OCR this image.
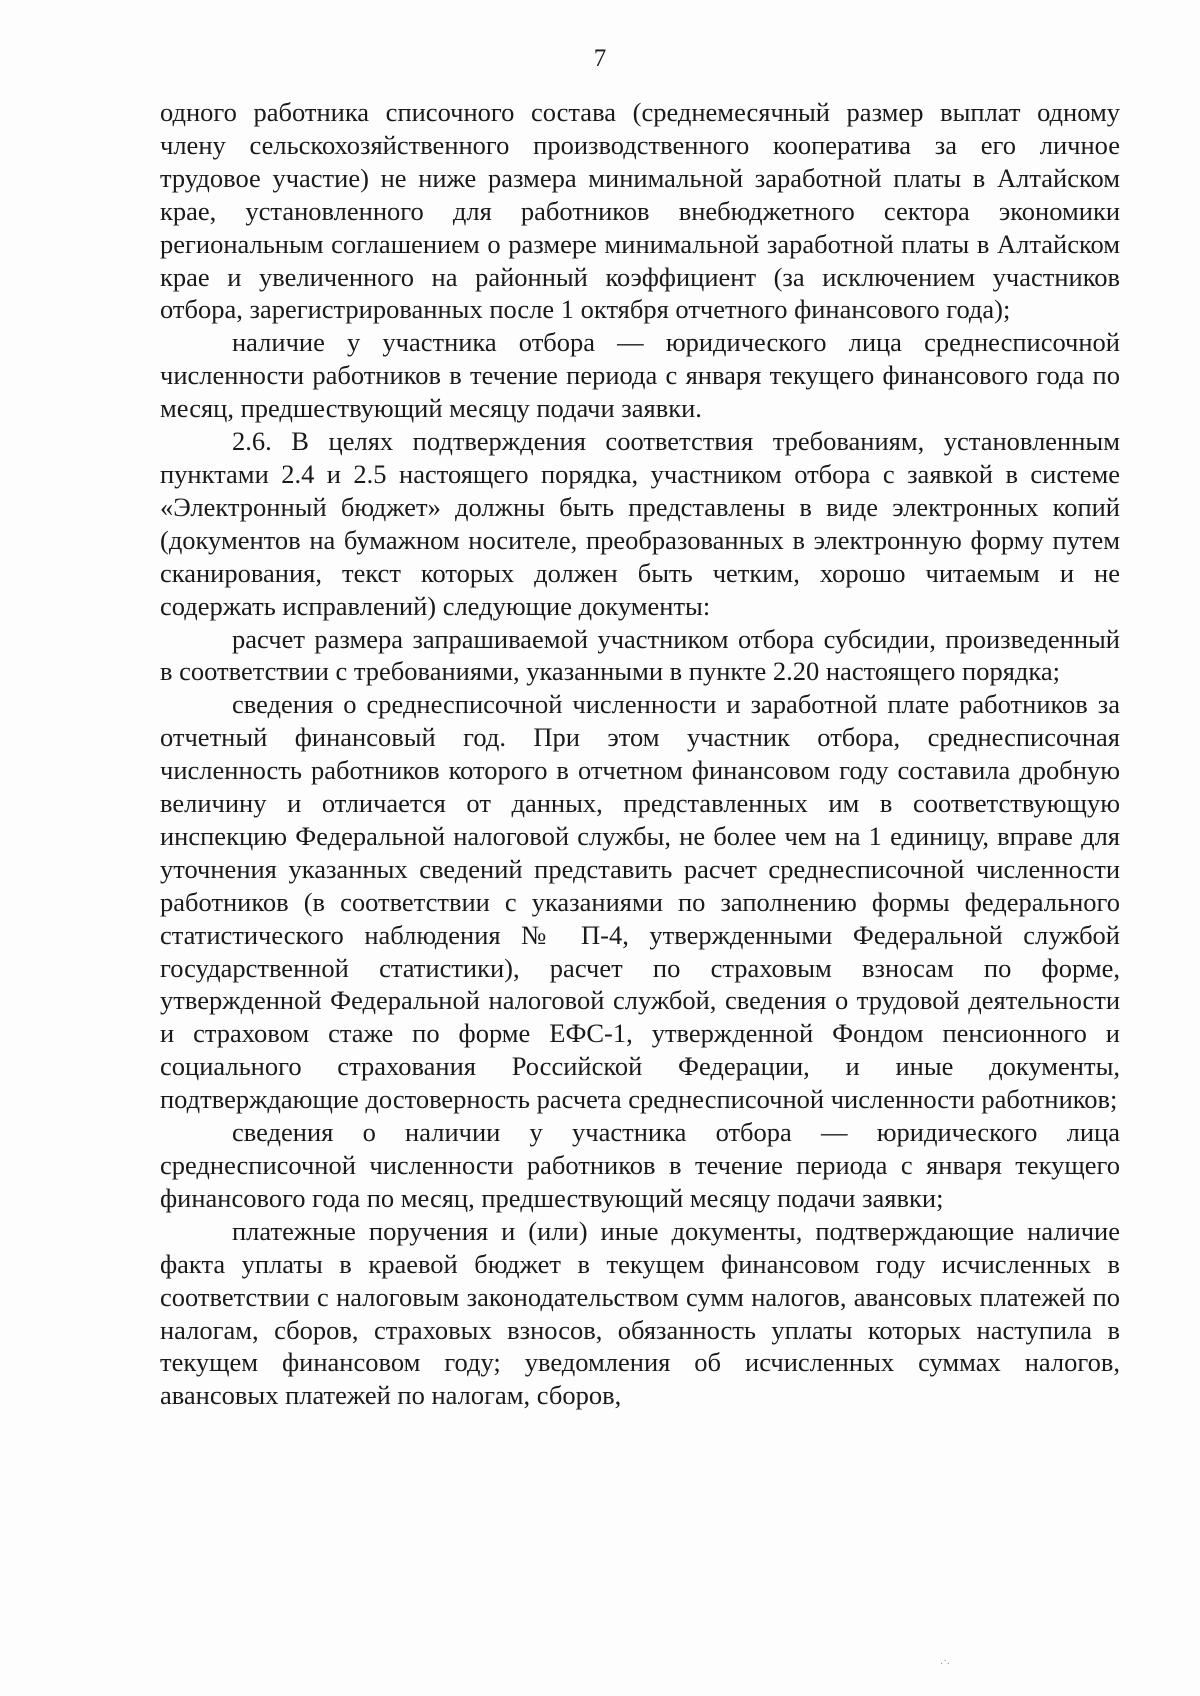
7

одного работника списочного состава (среднемесячный размер выплат одному члену сельскохозяйственного производственного кооператива за его личное трудовое участие) не ниже размера минимальной заработной платы в Алтайском крае, установленного для работников внебюджетного сектора экономики региональным соглашением о размере минимальной заработной платы в Алтайском крае и увеличенного на районный коэффициент (за исключением участников отбора, зарегистрированных после 1 октября отчетного финансового года);

наличие у участника отбора — юридического лица среднесписочной численности работников в течение периода с января текущего финансового года по месяц, предшествующий месяцу подачи заявки.

2.6. В целях подтверждения соответствия требованиям, установленным пунктами 2.4 и 2.5 настоящего порядка, участником отбора с заявкой в системе «Электронный бюджет» должны быть представлены в виде электронных копий (документов на бумажном носителе, преобразованных в электронную форму путем сканирования, текст которых должен быть четким, хорошо читаемым и не содержать исправлений) следующие документы:

расчет размера запрашиваемой участником отбора субсидии, произведенный в соответствии с требованиями, указанными в пункте 2.20 настоящего порядка;

сведения о среднесписочной численности и заработной плате работников за отчетный финансовый год. При этом участник отбора, среднесписочная численность работников которого в отчетном финансовом году составила дробную величину и отличается от данных, представленных им в соответствующую инспекцию Федеральной налоговой службы, не более чем на 1 единицу, вправе для уточнения указанных сведений представить расчет среднесписочной численности работников (в соответствии с указаниями по заполнению формы федерального статистического наблюдения № П-4, утвержденными Федеральной службой государственной статистики), расчет по страховым взносам по форме, утвержденной Федеральной налоговой службой, сведения о трудовой деятельности и страховом стаже по форме ЕФС-1, утвержденной Фондом пенсионного и социального страхования Российской Федерации, и иные документы, подтверждающие достоверность расчета среднесписочной численности работников;

сведения о наличии у участника отбора — юридического лица среднесписочной численности работников в течение периода с января текущего финансового года по месяц, предшествующий месяцу подачи заявки;

платежные поручения и (или) иные документы, подтверждающие наличие факта уплаты в краевой бюджет в текущем финансовом году исчисленных в соответствии с налоговым законодательством сумм налогов, авансовых платежей по налогам, сборов, страховых взносов, обязанность уплаты которых наступила в текущем финансовом году; уведомления об исчисленных суммах налогов, авансовых платежей по налогам, сборов,

·˙·
